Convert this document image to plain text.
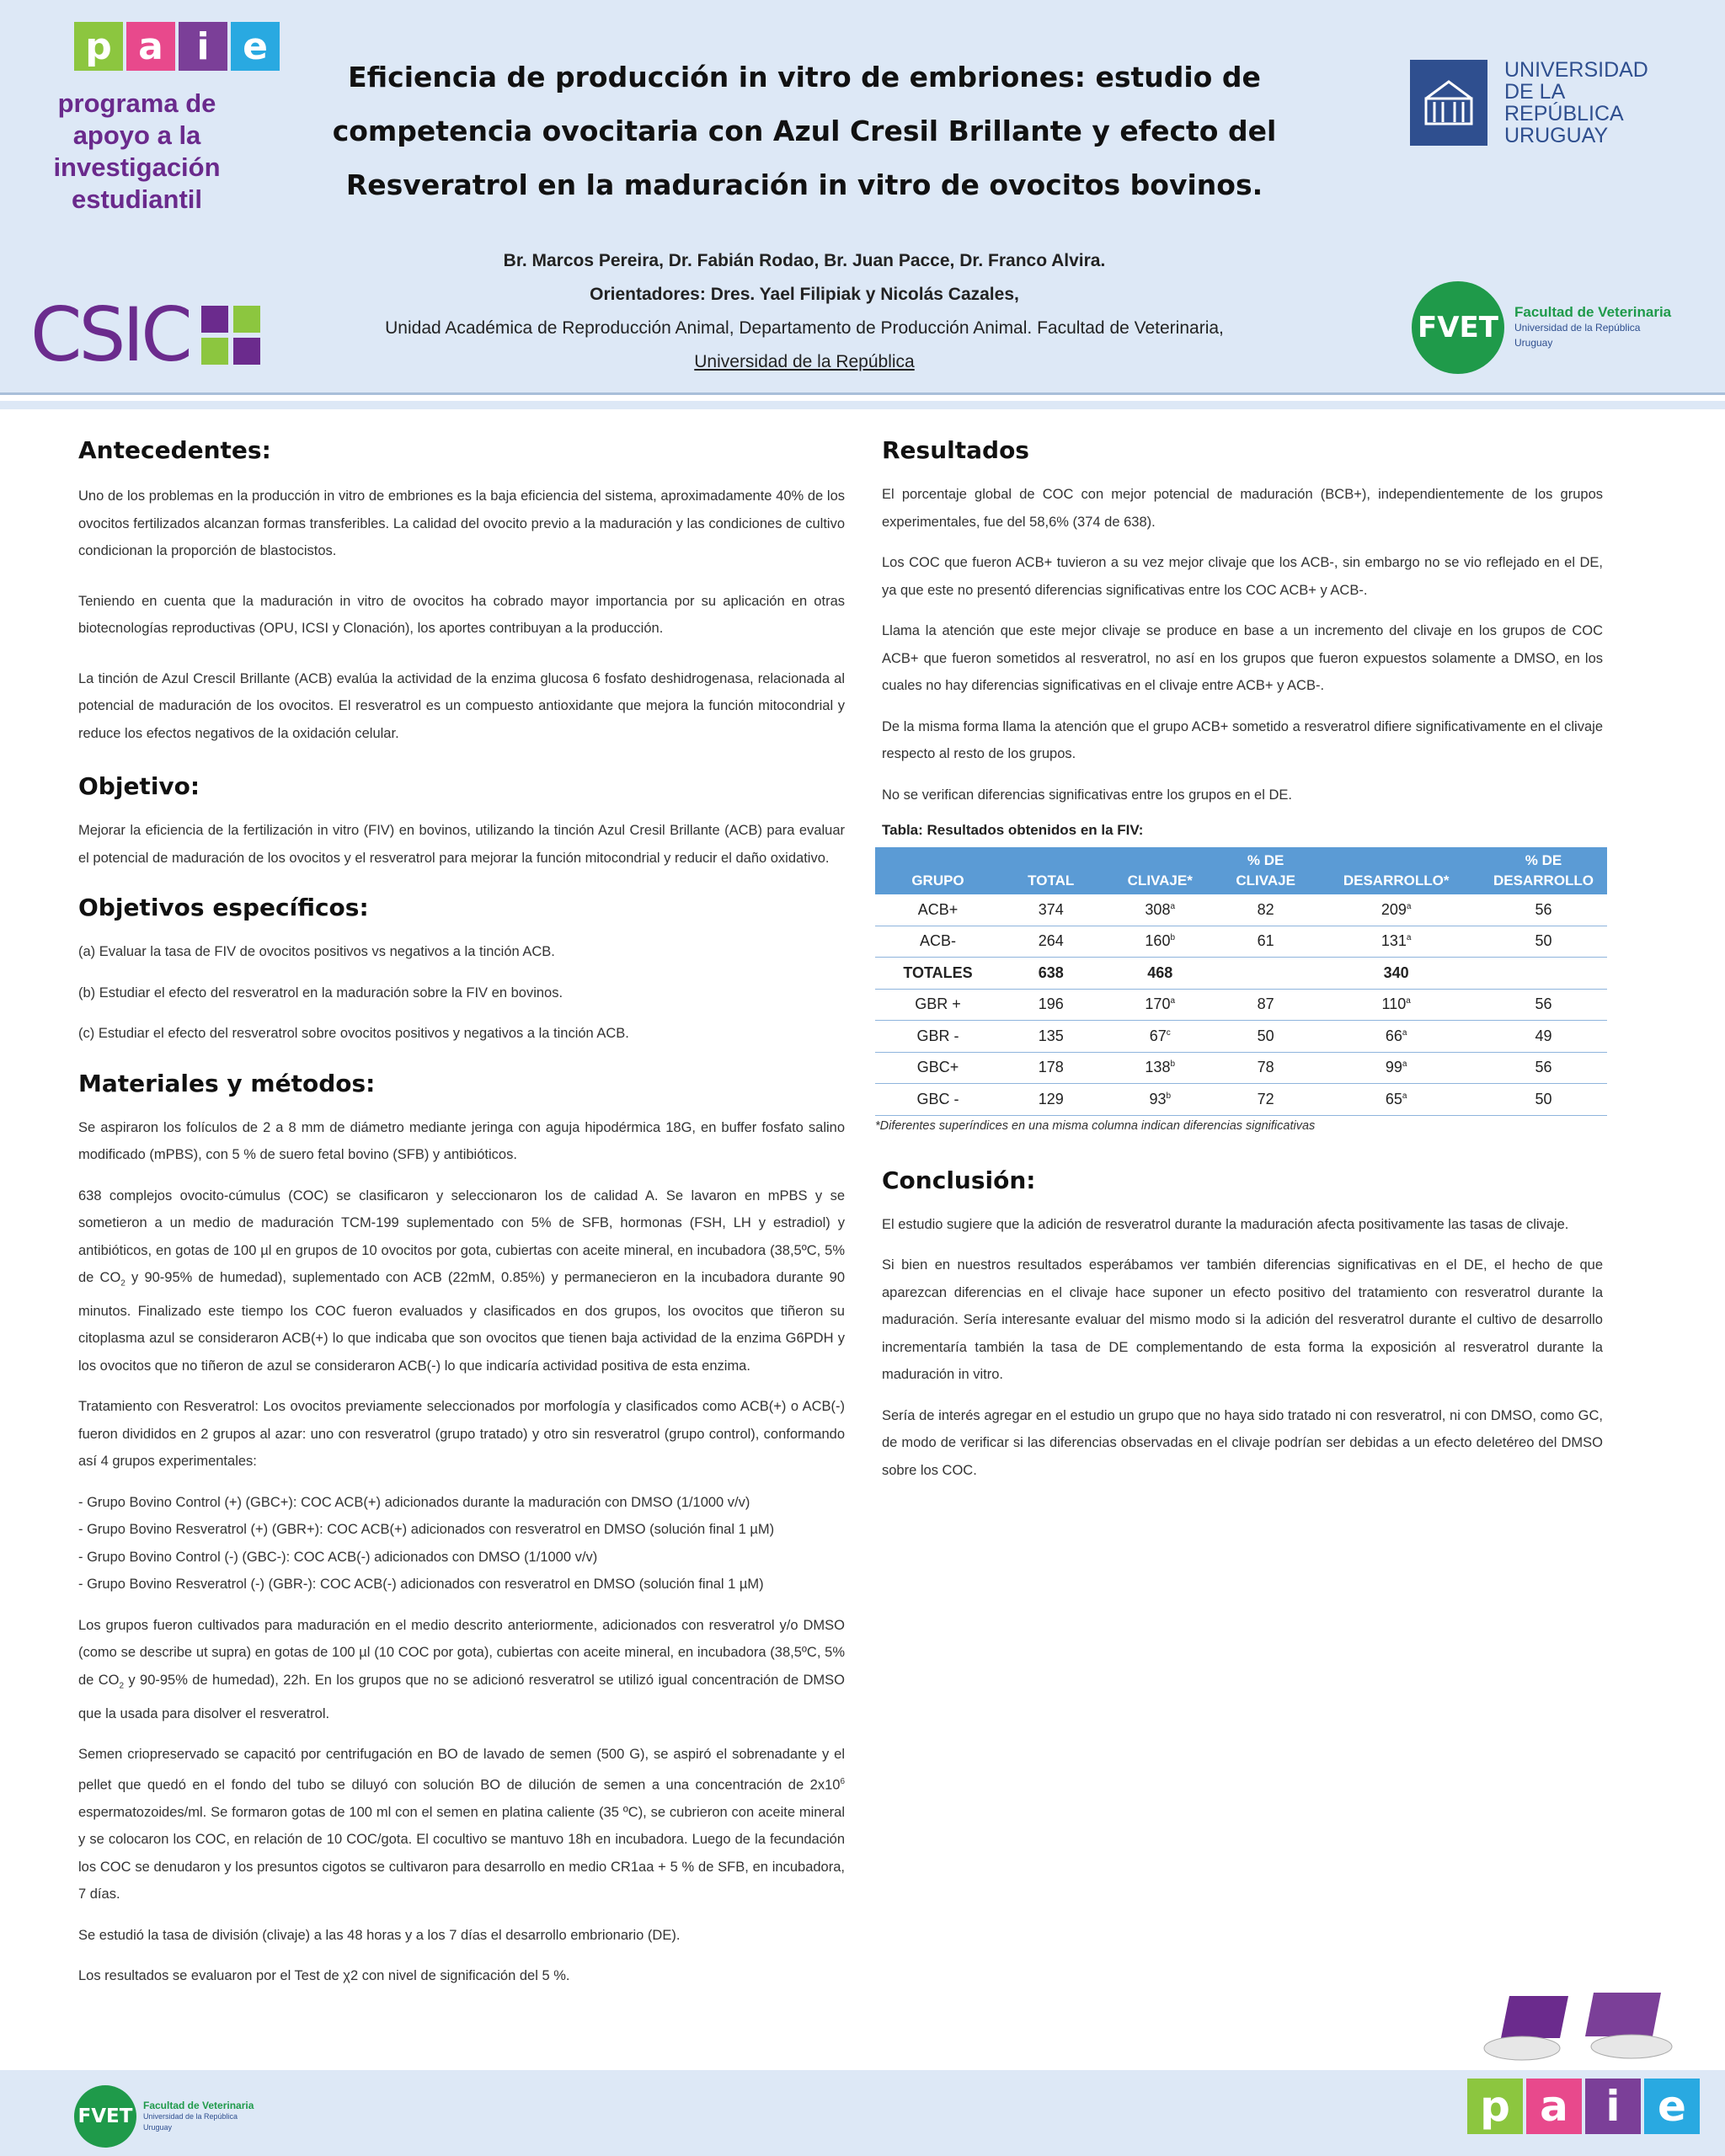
p a i e
programa de apoyo a la investigación estudiantil
CSIC
Eficiencia de producción in vitro de embriones: estudio de competencia ovocitaria con Azul Cresil Brillante y efecto del Resveratrol en la maduración in vitro de ovocitos bovinos.
Br. Marcos Pereira, Dr. Fabián Rodao, Br. Juan Pacce, Dr. Franco Alvira.
Orientadores: Dres. Yael Filipiak y Nicolás Cazales,
Unidad Académica de Reproducción Animal, Departamento de Producción Animal. Facultad de Veterinaria,
Universidad de la República
UNIVERSIDAD DE LA REPÚBLICA URUGUAY
FVET	Facultad de Veterinaria
Universidad de la República
Uruguay
Antecedentes:

Uno de los problemas en la producción in vitro de embriones es la baja eficiencia del sistema, aproximadamente 40% de los ovocitos fertilizados alcanzan formas transferibles. La calidad del ovocito previo a la maduración y las condiciones de cultivo condicionan la proporción de blastocistos.

Teniendo en cuenta que la maduración in vitro de ovocitos ha cobrado mayor importancia por su aplicación en otras biotecnologías reproductivas (OPU, ICSI y Clonación), los aportes contribuyan a la producción.

La tinción de Azul Crescil Brillante (ACB) evalúa la actividad de la enzima glucosa 6 fosfato deshidrogenasa, relacionada al potencial de maduración de los ovocitos. El resveratrol es un compuesto antioxidante que mejora la función mitocondrial y reduce los efectos negativos de la oxidación celular.

Objetivo:

Mejorar la eficiencia de la fertilización in vitro (FIV) en bovinos, utilizando la tinción Azul Cresil Brillante (ACB) para evaluar el potencial de maduración de los ovocitos y el resveratrol para mejorar la función mitocondrial y reducir el daño oxidativo.

Objetivos específicos:

(a) Evaluar la tasa de FIV de ovocitos positivos vs negativos a la tinción ACB.

(b) Estudiar el efecto del resveratrol en la maduración sobre la FIV en bovinos.

(c) Estudiar el efecto del resveratrol sobre ovocitos positivos y negativos a la tinción ACB.

Materiales y métodos:

Se aspiraron los folículos de 2 a 8 mm de diámetro mediante jeringa con aguja hipodérmica 18G, en buffer fosfato salino modificado (mPBS), con 5 % de suero fetal bovino (SFB) y antibióticos.

638 complejos ovocito-cúmulus (COC) se clasificaron y seleccionaron los de calidad A. Se lavaron en mPBS y se sometieron a un medio de maduración TCM-199 suplementado con 5% de SFB, hormonas (FSH, LH y estradiol) y antibióticos, en gotas de 100 µl en grupos de 10 ovocitos por gota, cubiertas con aceite mineral, en incubadora (38,5ºC, 5% de $CO_2$ y 90-95% de humedad), suplementado con ACB (22mM, 0.85%) y permanecieron en la incubadora durante 90 minutos. Finalizado este tiempo los COC fueron evaluados y clasificados en dos grupos, los ovocitos que tiñeron su citoplasma azul se consideraron ACB(+) lo que indicaba que son ovocitos que tienen baja actividad de la enzima G6PDH y los ovocitos que no tiñeron de azul se consideraron ACB(-) lo que indicaría actividad positiva de esta enzima.

Tratamiento con Resveratrol: Los ovocitos previamente seleccionados por morfología y clasificados como ACB(+) o ACB(-) fueron divididos en 2 grupos al azar: uno con resveratrol (grupo tratado) y otro sin resveratrol (grupo control), conformando así 4 grupos experimentales:

- Grupo Bovino Control (+) (GBC+): COC ACB(+) adicionados durante la maduración con DMSO (1/1000 v/v)

- Grupo Bovino Resveratrol (+) (GBR+): COC ACB(+) adicionados con resveratrol en DMSO (solución final 1 µM)

- Grupo Bovino Control (-) (GBC-): COC ACB(-) adicionados con DMSO (1/1000 v/v)

- Grupo Bovino Resveratrol (-) (GBR-): COC ACB(-) adicionados con resveratrol en DMSO (solución final 1 µM)

Los grupos fueron cultivados para maduración en el medio descrito anteriormente, adicionados con resveratrol y/o DMSO (como se describe ut supra) en gotas de 100 µl (10 COC por gota), cubiertas con aceite mineral, en incubadora (38,5ºC, 5% de $CO_2$ y 90-95% de humedad), 22h. En los grupos que no se adicionó resveratrol se utilizó igual concentración de DMSO que la usada para disolver el resveratrol.

Semen criopreservado se capacitó por centrifugación en BO de lavado de semen (500 G), se aspiró el sobrenadante y el pellet que quedó en el fondo del tubo se diluyó con solución BO de dilución de semen a una concentración de $2x10^6$ espermatozoides/ml. Se formaron gotas de 100 ml con el semen en platina caliente (35 ºC), se cubrieron con aceite mineral y se colocaron los COC, en relación de 10 COC/gota. El cocultivo se mantuvo 18h en incubadora. Luego de la fecundación los COC se denudaron y los presuntos cigotos se cultivaron para desarrollo en medio CR1aa + 5 % de SFB, en incubadora, 7 días.

Se estudió la tasa de división (clivaje) a las 48 horas y a los 7 días el desarrollo embrionario (DE).

Los resultados se evaluaron por el Test de χ2 con nivel de significación del 5 %.

Resultados

El porcentaje global de COC con mejor potencial de maduración (BCB+), independientemente de los grupos experimentales, fue del 58,6% (374 de 638).

Los COC que fueron ACB+ tuvieron a su vez mejor clivaje que los ACB-, sin embargo no se vio reflejado en el DE, ya que este no presentó diferencias significativas entre los COC ACB+ y ACB-.

Llama la atención que este mejor clivaje se produce en base a un incremento del clivaje en los grupos de COC ACB+ que fueron sometidos al resveratrol, no así en los grupos que fueron expuestos solamente a DMSO, en los cuales no hay diferencias significativas en el clivaje entre ACB+ y ACB-.

De la misma forma llama la atención que el grupo ACB+ sometido a resveratrol difiere significativamente en el clivaje respecto al resto de los grupos.

No se verifican diferencias significativas entre los grupos en el DE.

Tabla: Resultados obtenidos en la FIV:
GRUPO	TOTAL	CLIVAJE*	% DE CLIVAJE	DESARROLLO*	% DE DESARROLLO
ACB+	374	308$^a$	82	209$^a$	56
ACB-	264	160$^b$	61	131$^a$	50
TOTALES	638	468		340	
GBR +	196	170$^a$	87	110$^a$	56
GBR -	135	67$^c$	50	66$^a$	49
GBC+	178	138$^b$	78	99$^a$	56
GBC -	129	93$^b$	72	65$^a$	50
*Diferentes superíndices en una misma columna indican diferencias significativas
Conclusión:

El estudio sugiere que la adición de resveratrol durante la maduración afecta positivamente las tasas de clivaje.

Si bien en nuestros resultados esperábamos ver también diferencias significativas en el DE, el hecho de que aparezcan diferencias en el clivaje hace suponer un efecto positivo del tratamiento con resveratrol durante la maduración. Sería interesante evaluar del mismo modo si la adición del resveratrol durante el cultivo de desarrollo incrementaría también la tasa de DE complementando de esta forma la exposición al resveratrol durante la maduración in vitro.

Sería de interés agregar en el estudio un grupo que no haya sido tratado ni con resveratrol, ni con DMSO, como GC, de modo de verificar si las diferencias observadas en el clivaje podrían ser debidas a un efecto deletéreo del DMSO sobre los COC.

FVET
Facultad de Veterinaria
Universidad de la República
Uruguay	p a i e
